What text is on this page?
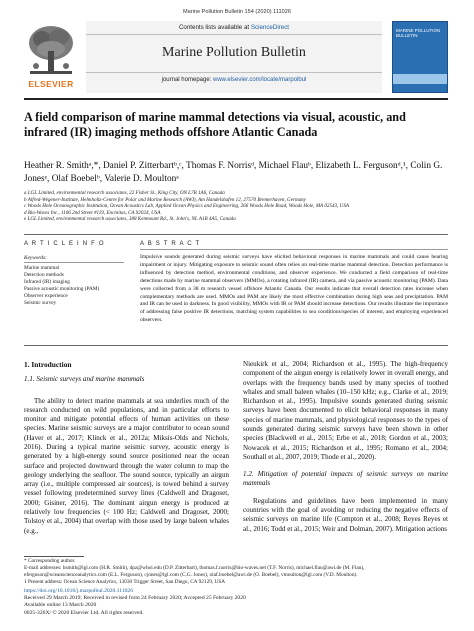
Marine Pollution Bulletin 154 (2020) 111026
ELSEVIER
Contents lists available at ScienceDirect
Marine Pollution Bulletin
journal homepage: www.elsevier.com/locate/marpolbul
MARINE POLLUTION BULLETIN
A field comparison of marine mammal detections via visual, acoustic, and infrared (IR) imaging methods offshore Atlantic Canada
Heather R. Smithᵃ,*, Daniel P. Zitterbartᵇ,ᶜ, Thomas F. Norrisᵈ, Michael Flauᵇ, Elizabeth L. Fergusonᵈ,¹, Colin G. Jonesᵉ, Olaf Boebelᵇ, Valerie D. Moultonᵃ
a LGL Limited, environmental research associates, 22 Fisher St., King City, ON L7B 1A6, Canada
b Alfred-Wegener-Institute, Helmholtz-Centre for Polar and Marine Research (AWI), Am Handelshafen 12, 27570 Bremerhaven, Germany
c Woods Hole Oceanographic Institution, Ocean Acoustics Lab, Applied Ocean Physics and Engineering, 266 Woods Hole Road, Woods Hole, MA 02543, USA
d Bio-Waves Inc., 1106 2nd Street #119, Encinitas, CA 92024, USA
e LGL Limited, environmental research associates, 388 Kenmount Rd., St. John's, NL A1B 4A5, Canada
A R T I C L E I N F O
Keywords:
Marine mammal
Detection methods
Infrared (IR) imaging
Passive acoustic monitoring (PAM)
Observer experience
Seismic survey
A B S T R A C T
Impulsive sounds generated during seismic surveys have elicited behavioral responses in marine mammals and could cause hearing impairment or injury. Mitigating exposure to seismic sound often relies on real-time marine mammal detection. Detection performance is influenced by detection method, environmental conditions, and observer experience. We conducted a field comparison of real-time detections made by marine mammal observers (MMOs), a rotating infrared (IR) camera, and via passive acoustic monitoring (PAM). Data were collected from a 38 m research vessel offshore Atlantic Canada. Our results indicate that overall detection rates increase when complementary methods are used. MMOs and PAM are likely the most effective combination during high seas and precipitation. PAM and IR can be used in darkness. In good visibility, MMOs with IR or PAM should increase detections. Our results illustrate the importance of addressing false positive IR detections, matching system capabilities to sea conditions/species of interest, and employing experienced observers.
1. Introduction
1.1. Seismic surveys and marine mammals

The ability to detect marine mammals at sea underlies much of the research conducted on wild populations, and in particular efforts to monitor and mitigate potential effects of human activities on these species. Marine seismic surveys are a major contributor to ocean sound (Haver et al., 2017; Klinck et al., 2012a; Miksis-Olds and Nichols, 2016). During a typical marine seismic survey, acoustic energy is generated by a high-energy sound source positioned near the ocean surface and projected downward through the water column to map the geology underlying the seafloor. The sound source, typically an airgun array (i.e., multiple compressed air sources), is towed behind a survey vessel following predetermined survey lines (Caldwell and Dragoset, 2000; Gisiner, 2016). The dominant airgun energy is produced at relatively low frequencies (< 100 Hz; Caldwell and Dragoset, 2000; Tolstoy et al., 2004) that overlap with those used by large baleen whales (e.g.,

Nieukirk et al., 2004; Richardson et al., 1995). The high-frequency component of the airgun energy is relatively lower in overall energy, and overlaps with the frequency bands used by many species of toothed whales and small baleen whales (10–150 kHz; e.g., Clarke et al., 2019; Richardson et al., 1995). Impulsive sounds generated during seismic surveys have been documented to elicit behavioral responses in many species of marine mammals, and physiological responses to the types of sounds generated during seismic surveys have been shown in other species (Blackwell et al., 2015; Erbe et al., 2018; Gordon et al., 2003; Nowacek et al., 2015; Richardson et al., 1995; Romano et al., 2004; Southall et al., 2007, 2019; Thode et al., 2020).

1.2. Mitigation of potential impacts of seismic surveys on marine mammals

Regulations and guidelines have been implemented in many countries with the goal of avoiding or reducing the negative effects of seismic surveys on marine life (Compton et al., 2008; Reyes Reyes et al., 2016; Todd et al., 2015; Weir and Dolman, 2007). Mitigation actions

* Corresponding author.
E-mail addresses: hsmith@lgl.com (H.R. Smith), dpz@whoi.edu (D.P. Zitterbart), thomas.f.norris@bio-waves.net (T.F. Norris), michael.flau@awi.de (M. Flau), eferguson@oceanscienceanalytics.com (E.L. Ferguson), cjones@lgl.com (C.G. Jones), olaf.boebel@awi.de (O. Boebel), vmoulton@lgl.com (V.D. Moulton).
1 Present address: Ocean Science Analytics, 13030 Trigger Street, San Diego, CA 92129, USA
https://doi.org/10.1016/j.marpolbul.2020.111026
Received 29 March 2019; Received in revised form 24 February 2020; Accepted 25 February 2020
Available online 13 March 2020
0025-326X/ © 2020 Elsevier Ltd. All rights reserved.
